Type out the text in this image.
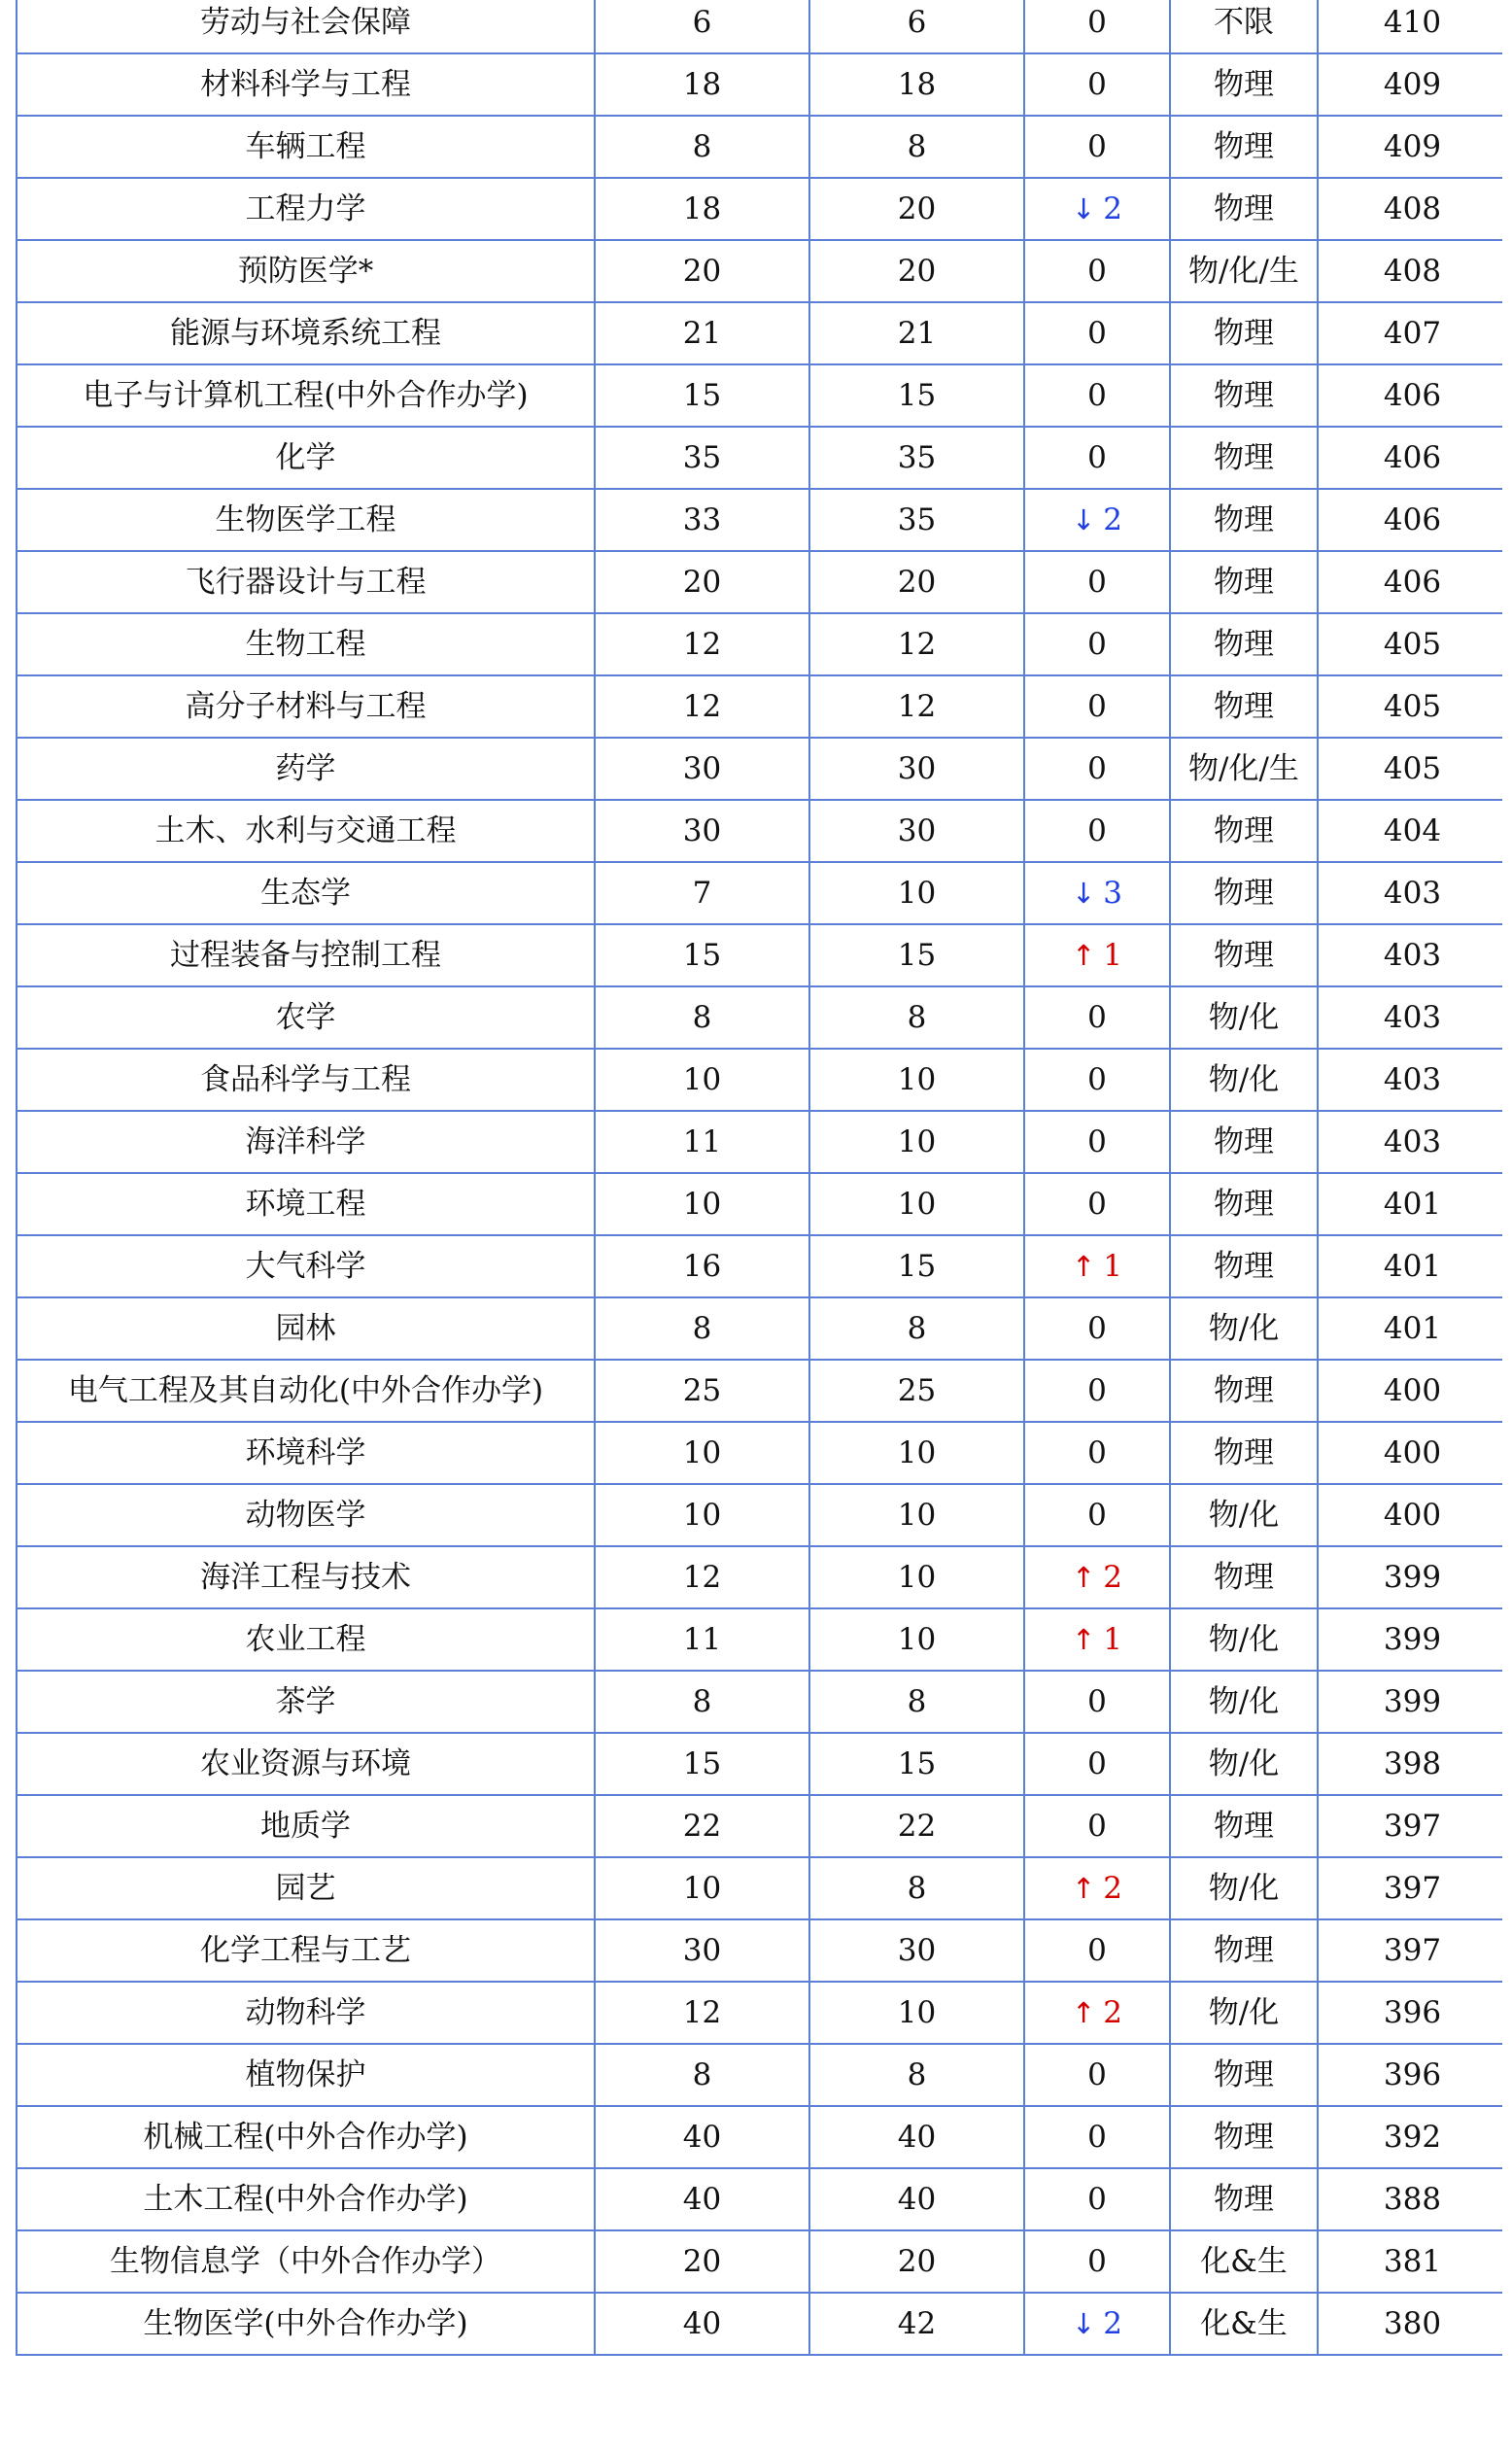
劳动与社会保障	6	6	0	不限	410
材料科学与工程	18	18	0	物理	409
车辆工程	8	8	0	物理	409
工程力学	18	20	↓ 2	物理	408
预防医学*	20	20	0	物/化/生	408
能源与环境系统工程	21	21	0	物理	407
电子与计算机工程(中外合作办学)	15	15	0	物理	406
化学	35	35	0	物理	406
生物医学工程	33	35	↓ 2	物理	406
飞行器设计与工程	20	20	0	物理	406
生物工程	12	12	0	物理	405
高分子材料与工程	12	12	0	物理	405
药学	30	30	0	物/化/生	405
土木、水利与交通工程	30	30	0	物理	404
生态学	7	10	↓ 3	物理	403
过程装备与控制工程	15	15	↑ 1	物理	403
农学	8	8	0	物/化	403
食品科学与工程	10	10	0	物/化	403
海洋科学	11	10	0	物理	403
环境工程	10	10	0	物理	401
大气科学	16	15	↑ 1	物理	401
园林	8	8	0	物/化	401
电气工程及其自动化(中外合作办学)	25	25	0	物理	400
环境科学	10	10	0	物理	400
动物医学	10	10	0	物/化	400
海洋工程与技术	12	10	↑ 2	物理	399
农业工程	11	10	↑ 1	物/化	399
茶学	8	8	0	物/化	399
农业资源与环境	15	15	0	物/化	398
地质学	22	22	0	物理	397
园艺	10	8	↑ 2	物/化	397
化学工程与工艺	30	30	0	物理	397
动物科学	12	10	↑ 2	物/化	396
植物保护	8	8	0	物理	396
机械工程(中外合作办学)	40	40	0	物理	392
土木工程(中外合作办学)	40	40	0	物理	388
生物信息学（中外合作办学）	20	20	0	化&生	381
生物医学(中外合作办学)	40	42	↓ 2	化&生	380
